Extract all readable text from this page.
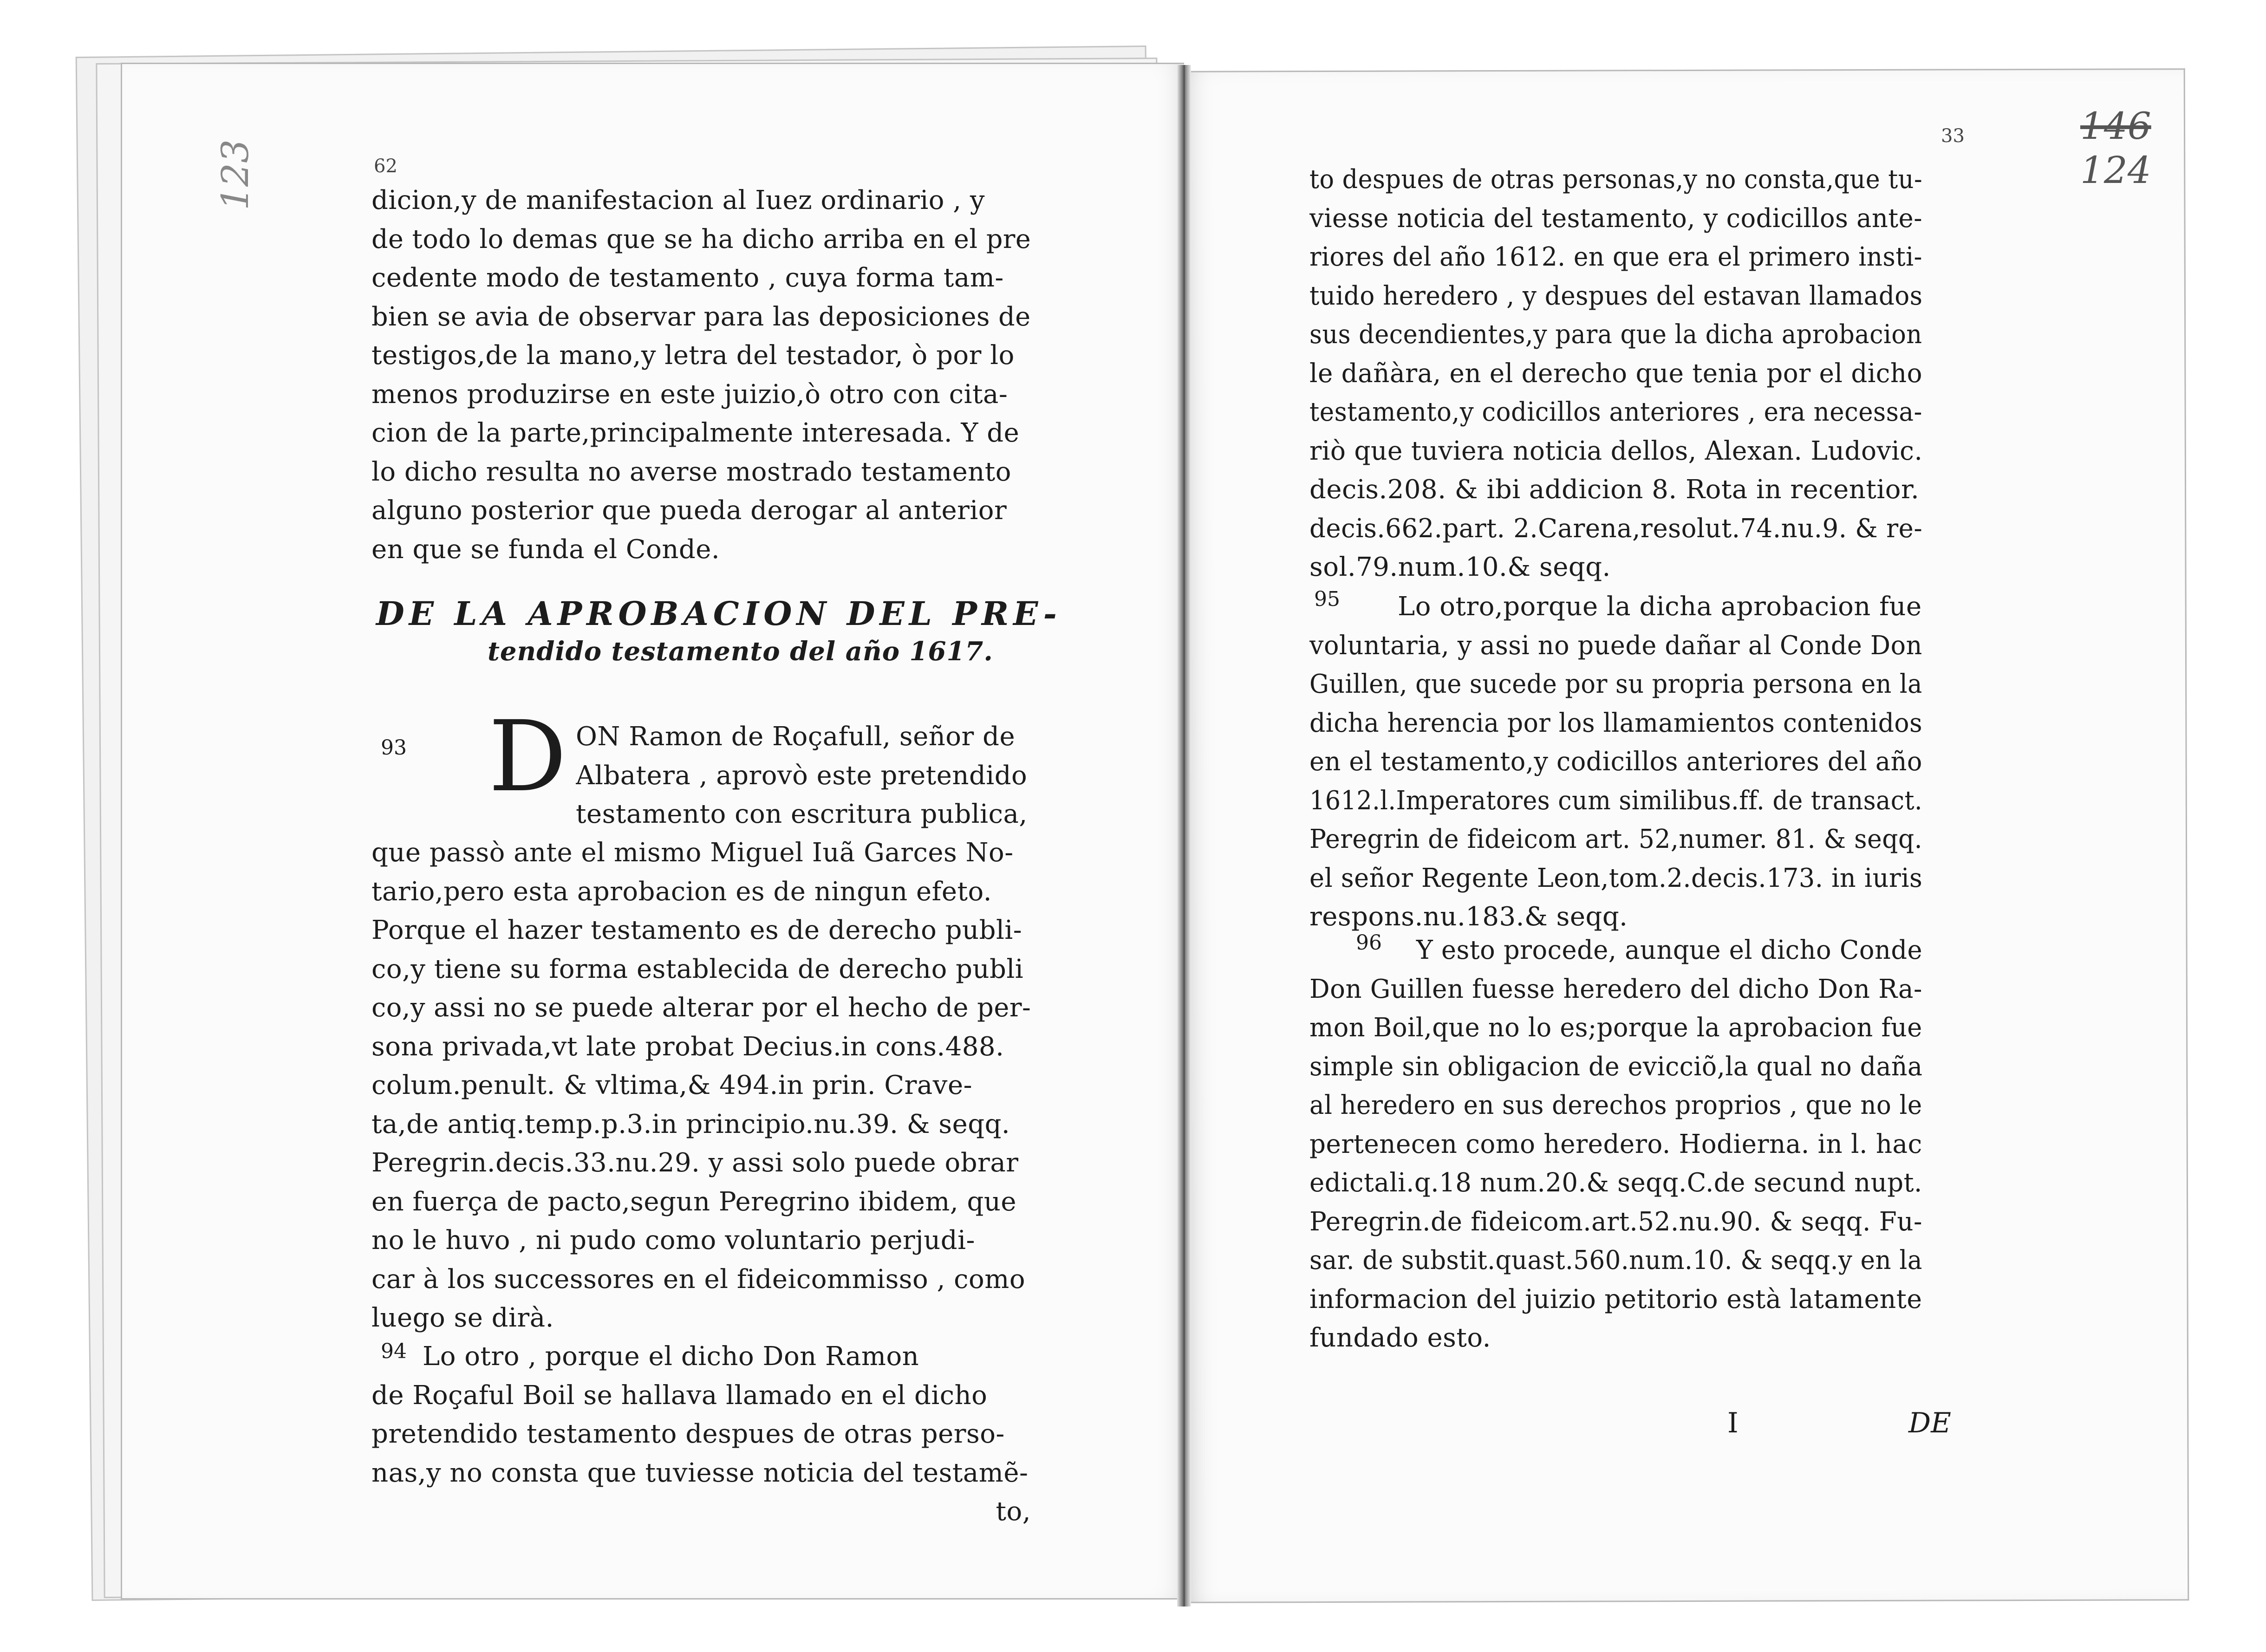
123	62
dicion,y de manifestacion al Iuez ordinario , y
de todo lo demas que se ha dicho arriba en el pre
cedente modo de testamento , cuya forma tam-
bien se avia de observar para las deposiciones de
testigos,de la mano,y letra del testador, ò por lo
menos produzirse en este juizio,ò otro con cita-
cion de la parte,principalmente interesada. Y de
lo dicho resulta no averse mostrado testamento
alguno posterior que pueda derogar al anterior
en que se funda el Conde.
DE LA APROBACION DEL PRE-
tendido testamento del año 1617.
93 D ON Ramon de Roçafull, señor de
Albatera , aprovò este pretendido
testamento con escritura publica,
que passò ante el mismo Miguel Iuã Garces No-
tario,pero esta aprobacion es de ningun efeto.
Porque el hazer testamento es de derecho publi-
co,y tiene su forma establecida de derecho publi
co,y assi no se puede alterar por el hecho de per-
sona privada,vt late probat Decius.in cons.488.
colum.penult. & vltima,& 494.in prin. Crave-
ta,de antiq.temp.p.3.in principio.nu.39. & seqq.
Peregrin.decis.33.nu.29. y assi solo puede obrar
en fuerça de pacto,segun Peregrino ibidem, que
no le huvo , ni pudo como voluntario perjudi-
car à los successores en el fideicommisso , como
luego se dirà.
94 Lo otro , porque el dicho Don Ramon
de Roçaful Boil se hallava llamado en el dicho
pretendido testamento despues de otras perso-
nas,y no consta que tuviesse noticia del testamẽ-
to,
33	146
124
to despues de otras personas,y no consta,que tu-
viesse noticia del testamento, y codicillos ante-
riores del año 1612. en que era el primero insti-
tuido heredero , y despues del estavan llamados
sus decendientes,y para que la dicha aprobacion
le dañàra, en el derecho que tenia por el dicho
testamento,y codicillos anteriores , era necessa-
riò que tuviera noticia dellos, Alexan. Ludovic.
decis.208. & ibi addicion 8. Rota in recentior.
decis.662.part. 2.Carena,resolut.74.nu.9. & re-
sol.79.num.10.& seqq.
95	Lo otro,porque la dicha aprobacion fue
voluntaria, y assi no puede dañar al Conde Don
Guillen, que sucede por su propria persona en la
dicha herencia por los llamamientos contenidos
en el testamento,y codicillos anteriores del año
1612.l.Imperatores cum similibus.ff. de transact.
Peregrin de fideicom art. 52,numer. 81. & seqq.
el señor Regente Leon,tom.2.decis.173. in iuris
respons.nu.183.& seqq.
96	Y esto procede, aunque el dicho Conde
Don Guillen fuesse heredero del dicho Don Ra-
mon Boil,que no lo es;porque la aprobacion fue
simple sin obligacion de evicciõ,la qual no daña
al heredero en sus derechos proprios , que no le
pertenecen como heredero. Hodierna. in l. hac
edictali.q.18 num.20.& seqq.C.de secund nupt.
Peregrin.de fideicom.art.52.nu.90. & seqq. Fu-
sar. de substit.quast.560.num.10. & seqq.y en la
informacion del juizio petitorio està latamente
fundado esto.
I	DE
